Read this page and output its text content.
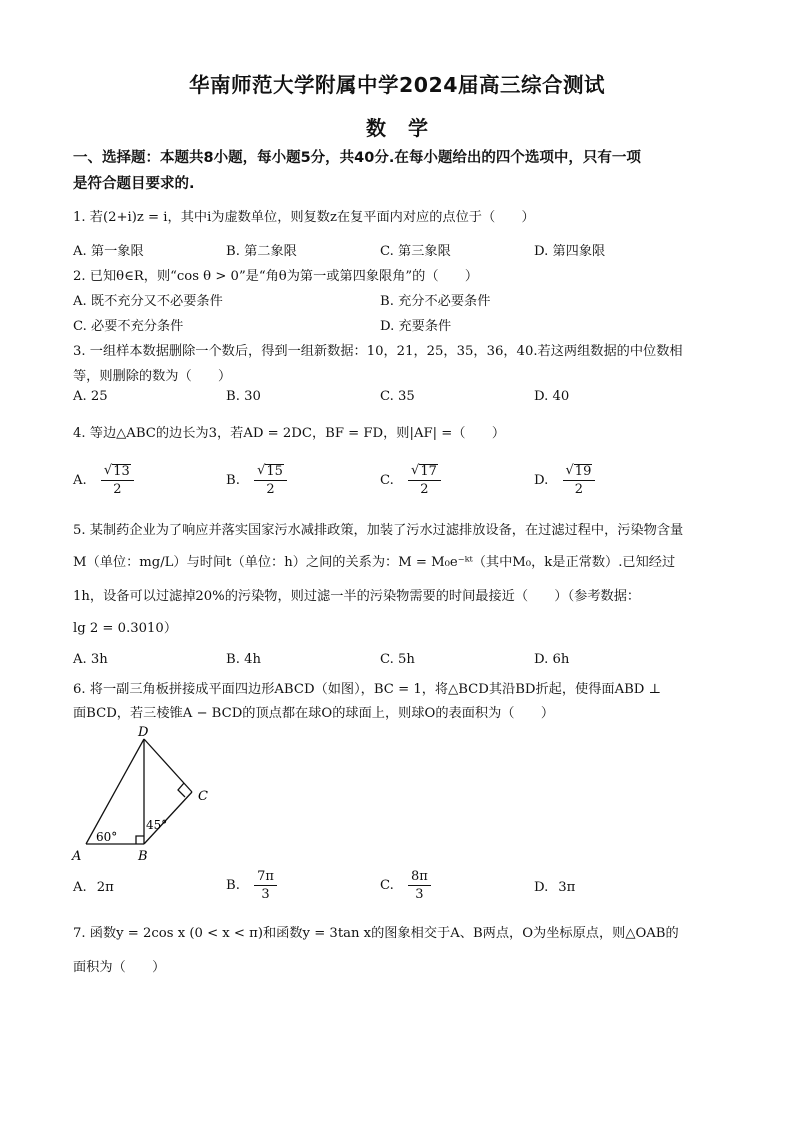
华南师范大学附属中学2024届高三综合测试
数学
一、选择题：本题共8小题，每小题5分，共40分.在每小题给出的四个选项中，只有一项
是符合题目要求的.
1. 若(2+i)z = i，其中i为虚数单位，则复数z在复平面内对应的点位于（　　）
A. 第一象限	B. 第二象限	C. 第三象限	D. 第四象限
2. 已知θ∈R，则“cos θ > 0”是“角θ为第一或第四象限角”的（　　）
A. 既不充分又不必要条件	B. 充分不必要条件
C. 必要不充分条件	D. 充要条件
3. 一组样本数据删除一个数后，得到一组新数据：10，21，25，35，36，40.若这两组数据的中位数相
等，则删除的数为（　　）
A. 25	B. 30	C. 35	D. 40
4. 等边△ABC的边长为3，若AD = 2DC，BF = FD，则|AF| =（　　）
A. $\frac{√ 13}{2}$	B. $\frac{√ 15}{2}$	C. $\frac{√ 17}{2}$	D. $\frac{√ 19}{2}$
5. 某制药企业为了响应并落实国家污水减排政策，加装了污水过滤排放设备，在过滤过程中，污染物含量
M（单位：mg/L）与时间t（单位：h）之间的关系为：M = M₀e⁻ᵏᵗ（其中M₀，k是正常数）.已知经过
1h，设备可以过滤掉20%的污染物，则过滤一半的污染物需要的时间最接近（　　）（参考数据：
lg 2 = 0.3010）
A. 3h	B. 4h	C. 5h	D. 6h
6. 将一副三角板拼接成平面四边形ABCD（如图），BC = 1，将△BCD其沿BD折起，使得面ABD ⊥
面BCD，若三棱锥A − BCD的顶点都在球O的球面上，则球O的表面积为（　　）
D
C
A	B
60°
45°
A. 2π	B. $\frac{7\pi}{3}$	C. $\frac{8\pi}{3}$	D. 3π
7. 函数y = 2cos x (0 < x < π)和函数y = 3tan x的图象相交于A、B两点，O为坐标原点，则△OAB的
面积为（　　）
